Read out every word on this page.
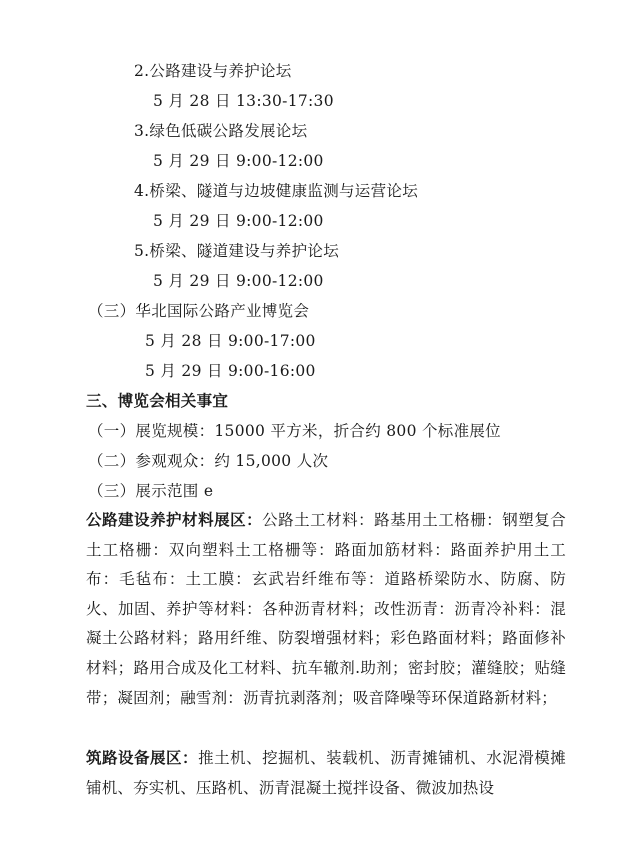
2.公路建设与养护论坛
5 月 28 日 13:30-17:30
3.绿色低碳公路发展论坛
5 月 29 日 9:00-12:00
4.桥梁、隧道与边坡健康监测与运营论坛
5 月 29 日 9:00-12:00
5.桥梁、隧道建设与养护论坛
5 月 29 日 9:00-12:00
（三）华北国际公路产业博览会
5 月 28 日 9:00-17:00
5 月 29 日 9:00-16:00
三、博览会相关事宜
（一）展览规模：15000 平方米，折合约 800 个标准展位
（二）参观观众：约 15,000 人次
（三）展示范围 e
公路建设养护材料展区：公路土工材料：路基用土工格栅：钢塑复合土工格栅：双向塑料土工格栅等：路面加筋材料：路面养护用土工布：毛毡布：土工膜：玄武岩纤维布等：道路桥梁防水、防腐、防火、加固、养护等材料：各种沥青材料；改性沥青：沥青冷补料：混凝土公路材料；路用纤维、防裂增强材料；彩色路面材料；路面修补材料；路用合成及化工材料、抗车辙剂.助剂；密封胶；灌缝胶；贴缝带；凝固剂；融雪剂：沥青抗剥落剂；吸音降噪等环保道路新材料；
筑路设备展区：推土机、挖掘机、装载机、沥青摊铺机、水泥滑模摊铺机、夯实机、压路机、沥青混凝土搅拌设备、微波加热设
